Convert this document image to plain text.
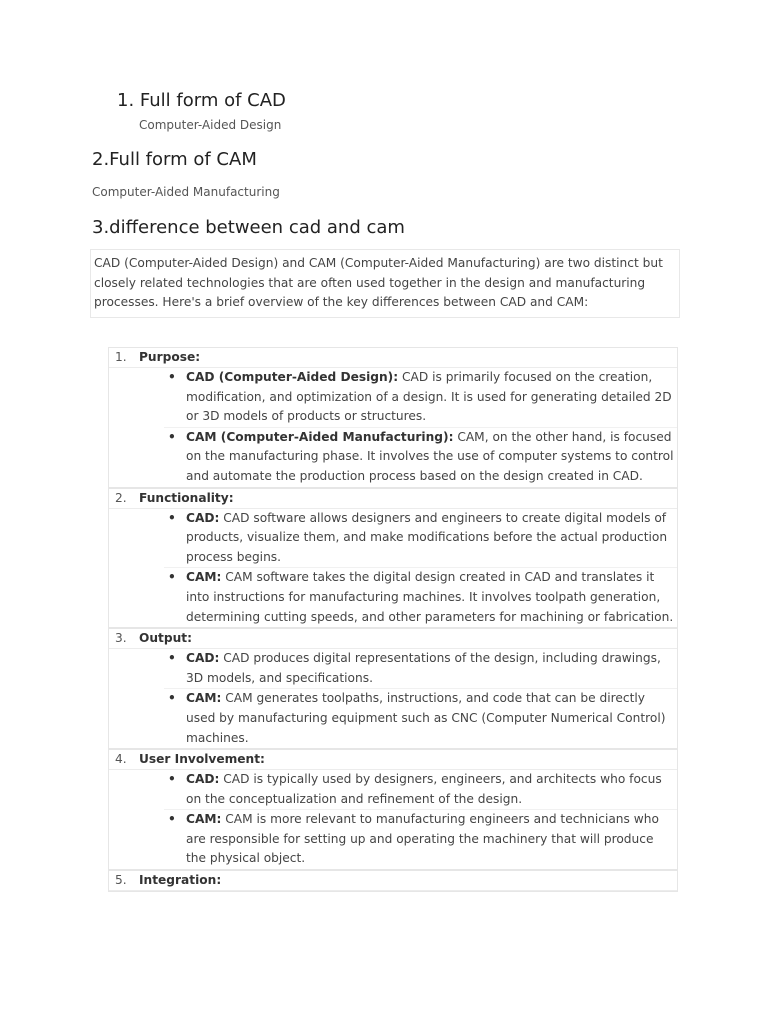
1. Full form of CAD
Computer-Aided Design
2.Full form of CAM
Computer-Aided Manufacturing
3.difference between cad and cam

CAD (Computer-Aided Design) and CAM (Computer-Aided Manufacturing) are two distinct but closely related technologies that are often used together in the design and manufacturing processes. Here's a brief overview of the key differences between CAD and CAM:

1. Purpose:
• CAD (Computer-Aided Design): CAD is primarily focused on the creation, modification, and optimization of a design. It is used for generating detailed 2D or 3D models of products or structures.
• CAM (Computer-Aided Manufacturing): CAM, on the other hand, is focused on the manufacturing phase. It involves the use of computer systems to control and automate the production process based on the design created in CAD.
2. Functionality:
• CAD: CAD software allows designers and engineers to create digital models of products, visualize them, and make modifications before the actual production process begins.
• CAM: CAM software takes the digital design created in CAD and translates it into instructions for manufacturing machines. It involves toolpath generation, determining cutting speeds, and other parameters for machining or fabrication.
3. Output:
• CAD: CAD produces digital representations of the design, including drawings, 3D models, and specifications.
• CAM: CAM generates toolpaths, instructions, and code that can be directly used by manufacturing equipment such as CNC (Computer Numerical Control) machines.
4. User Involvement:
• CAD: CAD is typically used by designers, engineers, and architects who focus on the conceptualization and refinement of the design.
• CAM: CAM is more relevant to manufacturing engineers and technicians who are responsible for setting up and operating the machinery that will produce the physical object.
5. Integration:
